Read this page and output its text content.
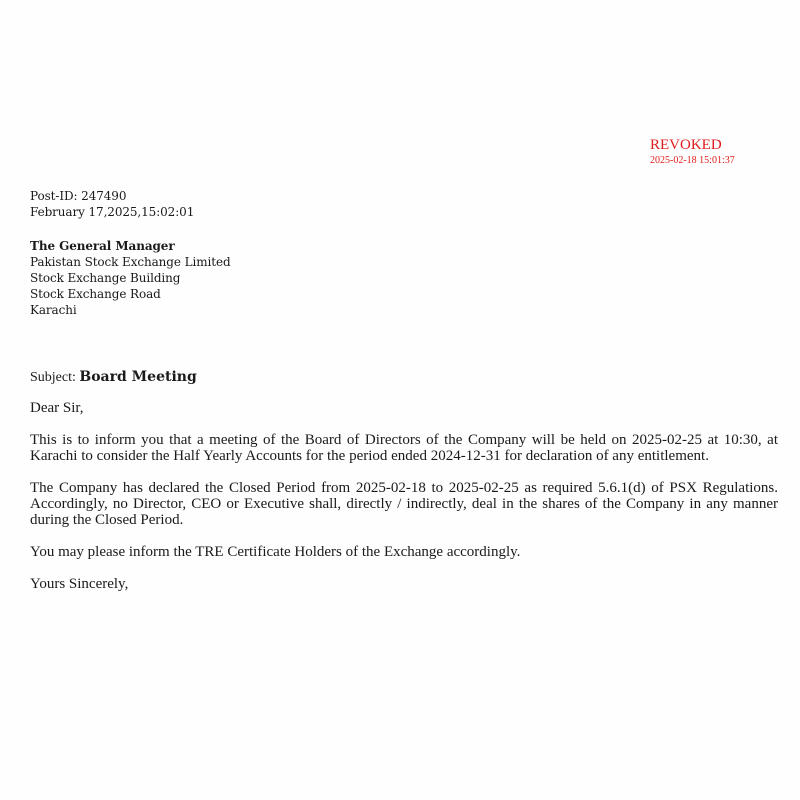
REVOKED
2025-02-18 15:01:37
Post-ID: 247490
February 17,2025,15:02:01
The General Manager
Pakistan Stock Exchange Limited
Stock Exchange Building
Stock Exchange Road
Karachi
Subject: Board Meeting

Dear Sir,

This is to inform you that a meeting of the Board of Directors of the Company will be held on 2025-02-25 at 10:30, at Karachi to consider the Half Yearly Accounts for the period ended 2024-12-31 for declaration of any entitlement.

The Company has declared the Closed Period from 2025-02-18 to 2025-02-25 as required 5.6.1(d) of PSX Regulations. Accordingly, no Director, CEO or Executive shall, directly / indirectly, deal in the shares of the Company in any manner during the Closed Period.

You may please inform the TRE Certificate Holders of the Exchange accordingly.

Yours Sincerely,
